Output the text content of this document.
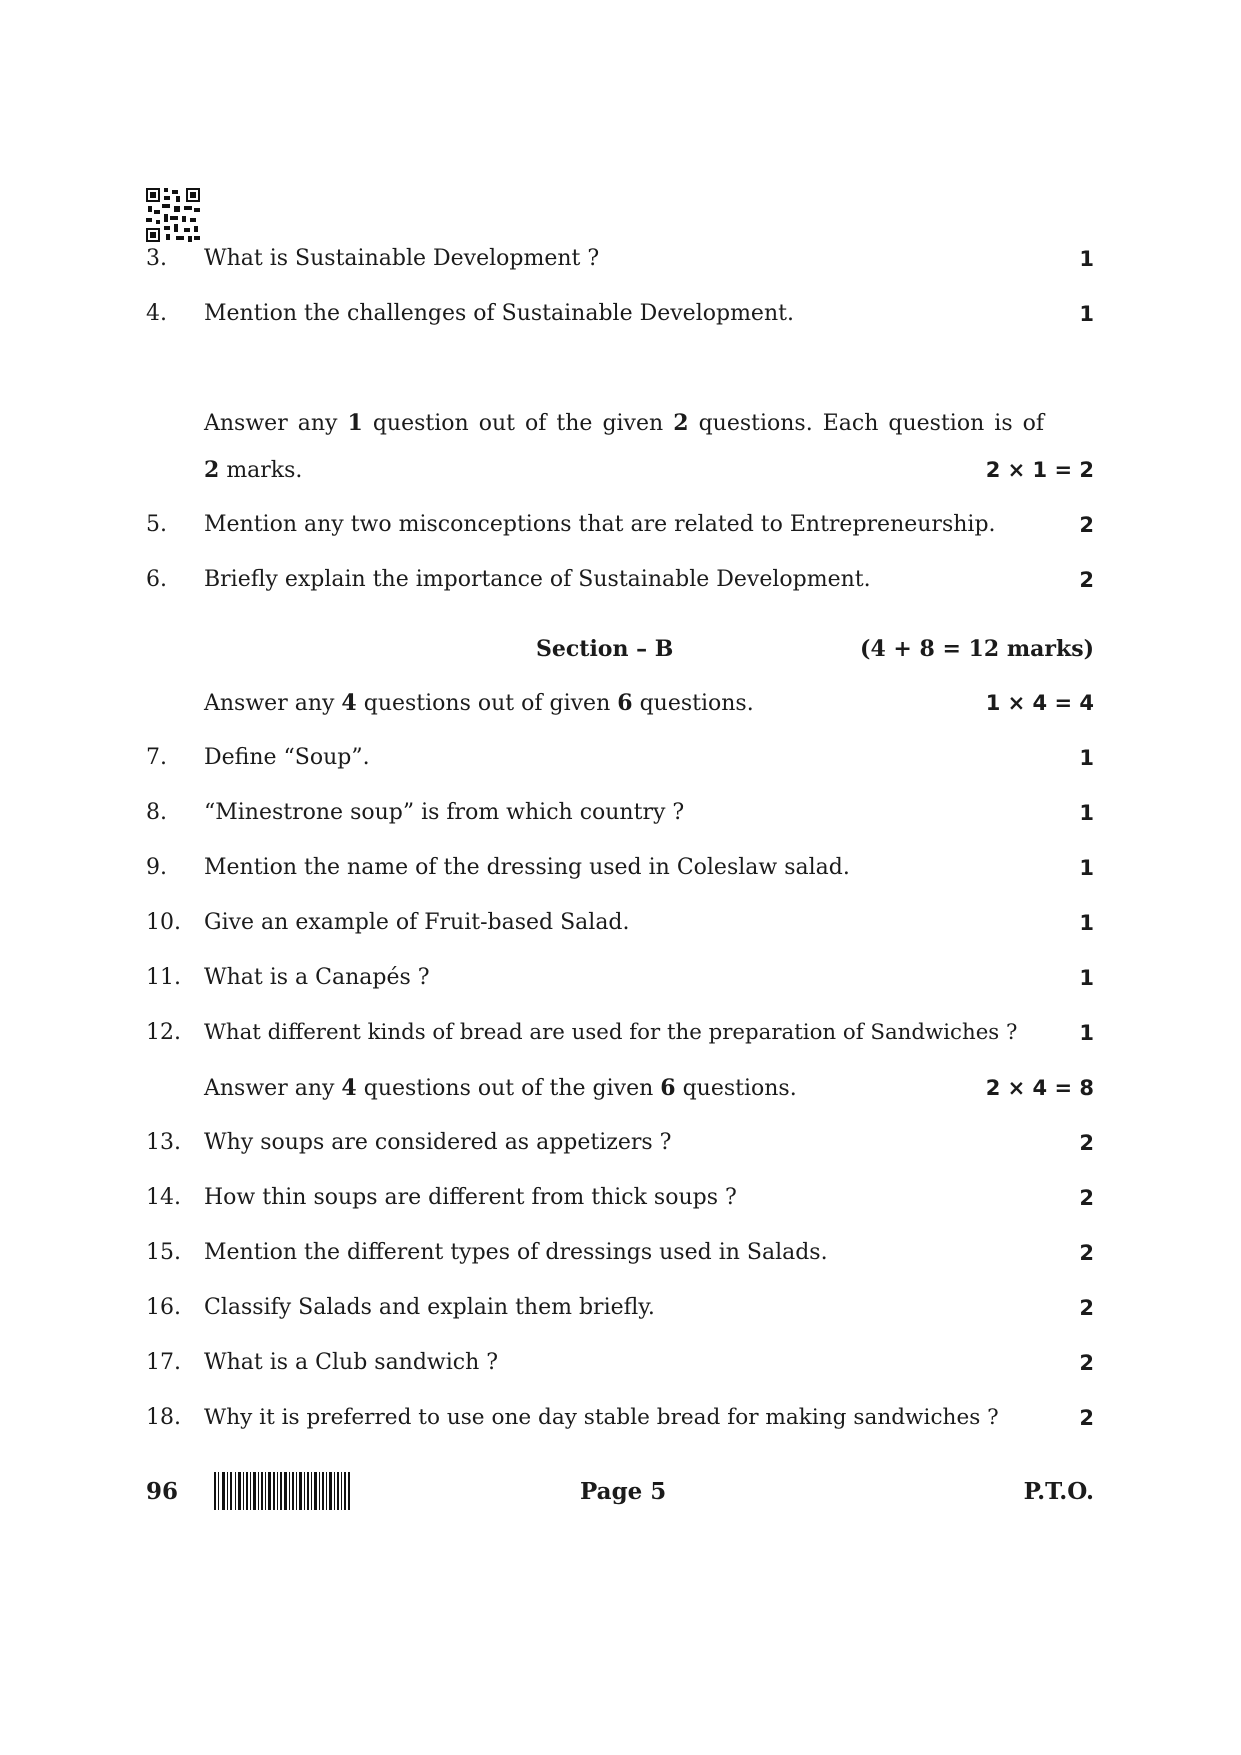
3. What is Sustainable Development ?	1
4. Mention the challenges of Sustainable Development.	1
Answer any 1 question out of the given 2 questions. Each question is of
2 marks.	2 × 1 = 2
5. Mention any two misconceptions that are related to Entrepreneurship.	2
6. Briefly explain the importance of Sustainable Development.	2
Section – B	(4 + 8 = 12 marks)
Answer any 4 questions out of given 6 questions.	1 × 4 = 4
7. Define “Soup”.	1
8. “Minestrone soup” is from which country ?	1
9. Mention the name of the dressing used in Coleslaw salad.	1
10. Give an example of Fruit-based Salad.	1
11. What is a Canapés ?	1
12. What different kinds of bread are used for the preparation of Sandwiches ?	1
Answer any 4 questions out of the given 6 questions.	2 × 4 = 8
13. Why soups are considered as appetizers ?	2
14. How thin soups are different from thick soups ?	2
15. Mention the different types of dressings used in Salads.	2
16. Classify Salads and explain them briefly.	2
17. What is a Club sandwich ?	2
18. Why it is preferred to use one day stable bread for making sandwiches ?	2
96	Page 5	P.T.O.
